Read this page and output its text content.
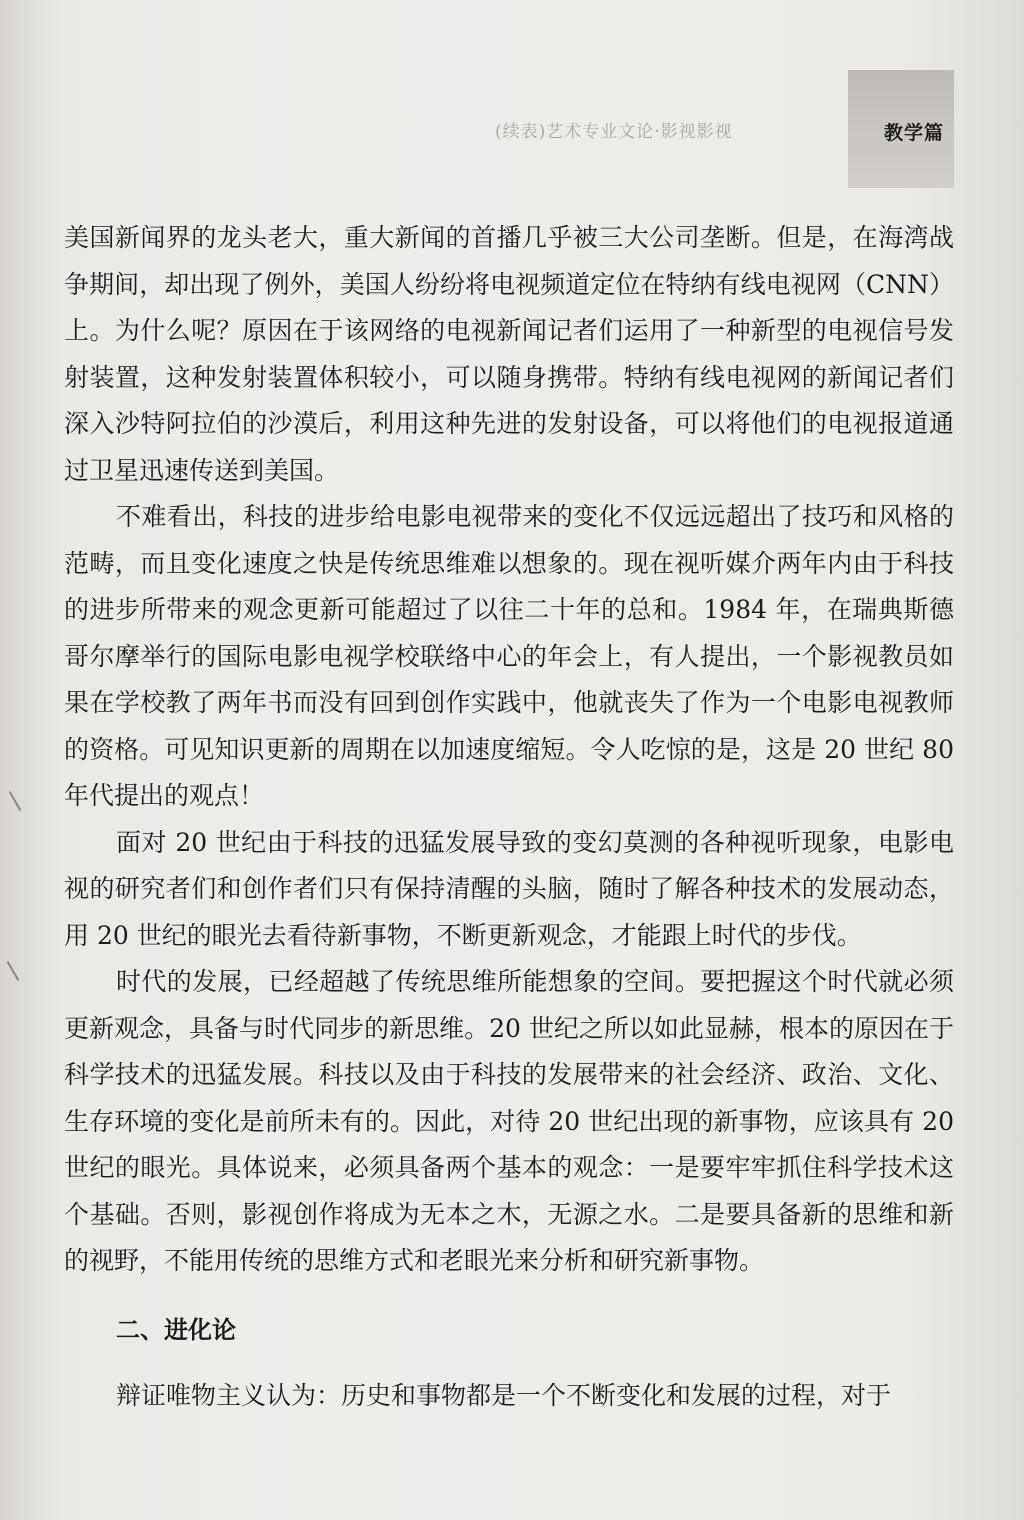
(续表)艺术专业文论·影视影视	教学篇

美国新闻界的龙头老大，重大新闻的首播几乎被三大公司垄断。但是，在海湾战争期间，却出现了例外，美国人纷纷将电视频道定位在特纳有线电视网（CNN）上。为什么呢？原因在于该网络的电视新闻记者们运用了一种新型的电视信号发射装置，这种发射装置体积较小，可以随身携带。特纳有线电视网的新闻记者们深入沙特阿拉伯的沙漠后，利用这种先进的发射设备，可以将他们的电视报道通过卫星迅速传送到美国。

不难看出，科技的进步给电影电视带来的变化不仅远远超出了技巧和风格的范畴，而且变化速度之快是传统思维难以想象的。现在视听媒介两年内由于科技的进步所带来的观念更新可能超过了以往二十年的总和。1984 年，在瑞典斯德哥尔摩举行的国际电影电视学校联络中心的年会上，有人提出，一个影视教员如果在学校教了两年书而没有回到创作实践中，他就丧失了作为一个电影电视教师的资格。可见知识更新的周期在以加速度缩短。令人吃惊的是，这是 20 世纪 80 年代提出的观点！

面对 20 世纪由于科技的迅猛发展导致的变幻莫测的各种视听现象，电影电视的研究者们和创作者们只有保持清醒的头脑，随时了解各种技术的发展动态，用 20 世纪的眼光去看待新事物，不断更新观念，才能跟上时代的步伐。

时代的发展，已经超越了传统思维所能想象的空间。要把握这个时代就必须更新观念，具备与时代同步的新思维。20 世纪之所以如此显赫，根本的原因在于科学技术的迅猛发展。科技以及由于科技的发展带来的社会经济、政治、文化、生存环境的变化是前所未有的。因此，对待 20 世纪出现的新事物，应该具有 20 世纪的眼光。具体说来，必须具备两个基本的观念：一是要牢牢抓住科学技术这个基础。否则，影视创作将成为无本之木，无源之水。二是要具备新的思维和新的视野，不能用传统的思维方式和老眼光来分析和研究新事物。

二、进化论

辩证唯物主义认为：历史和事物都是一个不断变化和发展的过程，对于
